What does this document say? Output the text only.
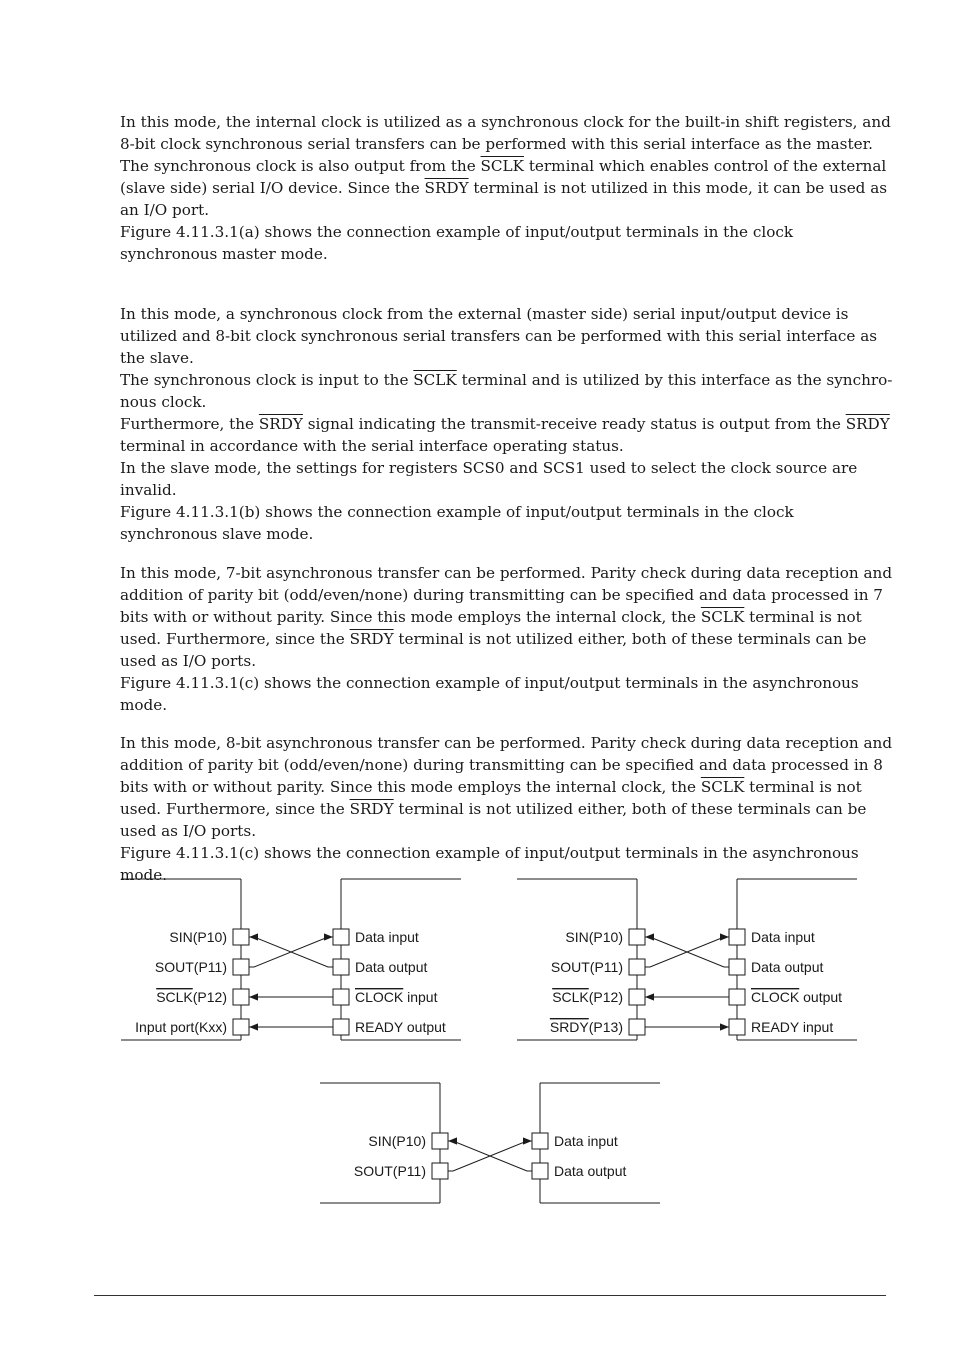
In this mode, the internal clock is utilized as a synchronous clock for the built-in shift registers, and 8-bit clock synchronous serial transfers can be performed with this serial interface as the master.

The synchronous clock is also output from the SCLK terminal which enables control of the external (slave side) serial I/O device. Since the SRDY terminal is not utilized in this mode, it can be used as an I/O port.

Figure 4.11.3.1(a) shows the connection example of input/output terminals in the clock synchronous master mode.

In this mode, a synchronous clock from the external (master side) serial input/output device is utilized and 8-bit clock synchronous serial transfers can be performed with this serial interface as the slave.

The synchronous clock is input to the SCLK terminal and is utilized by this interface as the synchro-nous clock.

Furthermore, the SRDY signal indicating the transmit-receive ready status is output from the SRDY terminal in accordance with the serial interface operating status.

In the slave mode, the settings for registers SCS0 and SCS1 used to select the clock source are invalid.

Figure 4.11.3.1(b) shows the connection example of input/output terminals in the clock synchronous slave mode.

In this mode, 7-bit asynchronous transfer can be performed. Parity check during data reception and addition of parity bit (odd/even/none) during transmitting can be specified and data processed in 7 bits with or without parity. Since this mode employs the internal clock, the SCLK terminal is not used. Furthermore, since the SRDY terminal is not utilized either, both of these terminals can be used as I/O ports.

Figure 4.11.3.1(c) shows the connection example of input/output terminals in the asynchronous mode.

In this mode, 8-bit asynchronous transfer can be performed. Parity check during data reception and addition of parity bit (odd/even/none) during transmitting can be specified and data processed in 8 bits with or without parity. Since this mode employs the internal clock, the SCLK terminal is not used. Furthermore, since the SRDY terminal is not utilized either, both of these terminals can be used as I/O ports.

Figure 4.11.3.1(c) shows the connection example of input/output terminals in the asynchronous mode.

SIN(P10)
SOUT(P11)
SCLK(P12)
Input port(Kxx)
Data input
Data output
CLOCK input
READY output
SIN(P10)
SOUT(P11)
SCLK(P12)
SRDY(P13)
Data input
Data output
CLOCK output
READY input
SIN(P10)
SOUT(P11)
Data input
Data output
